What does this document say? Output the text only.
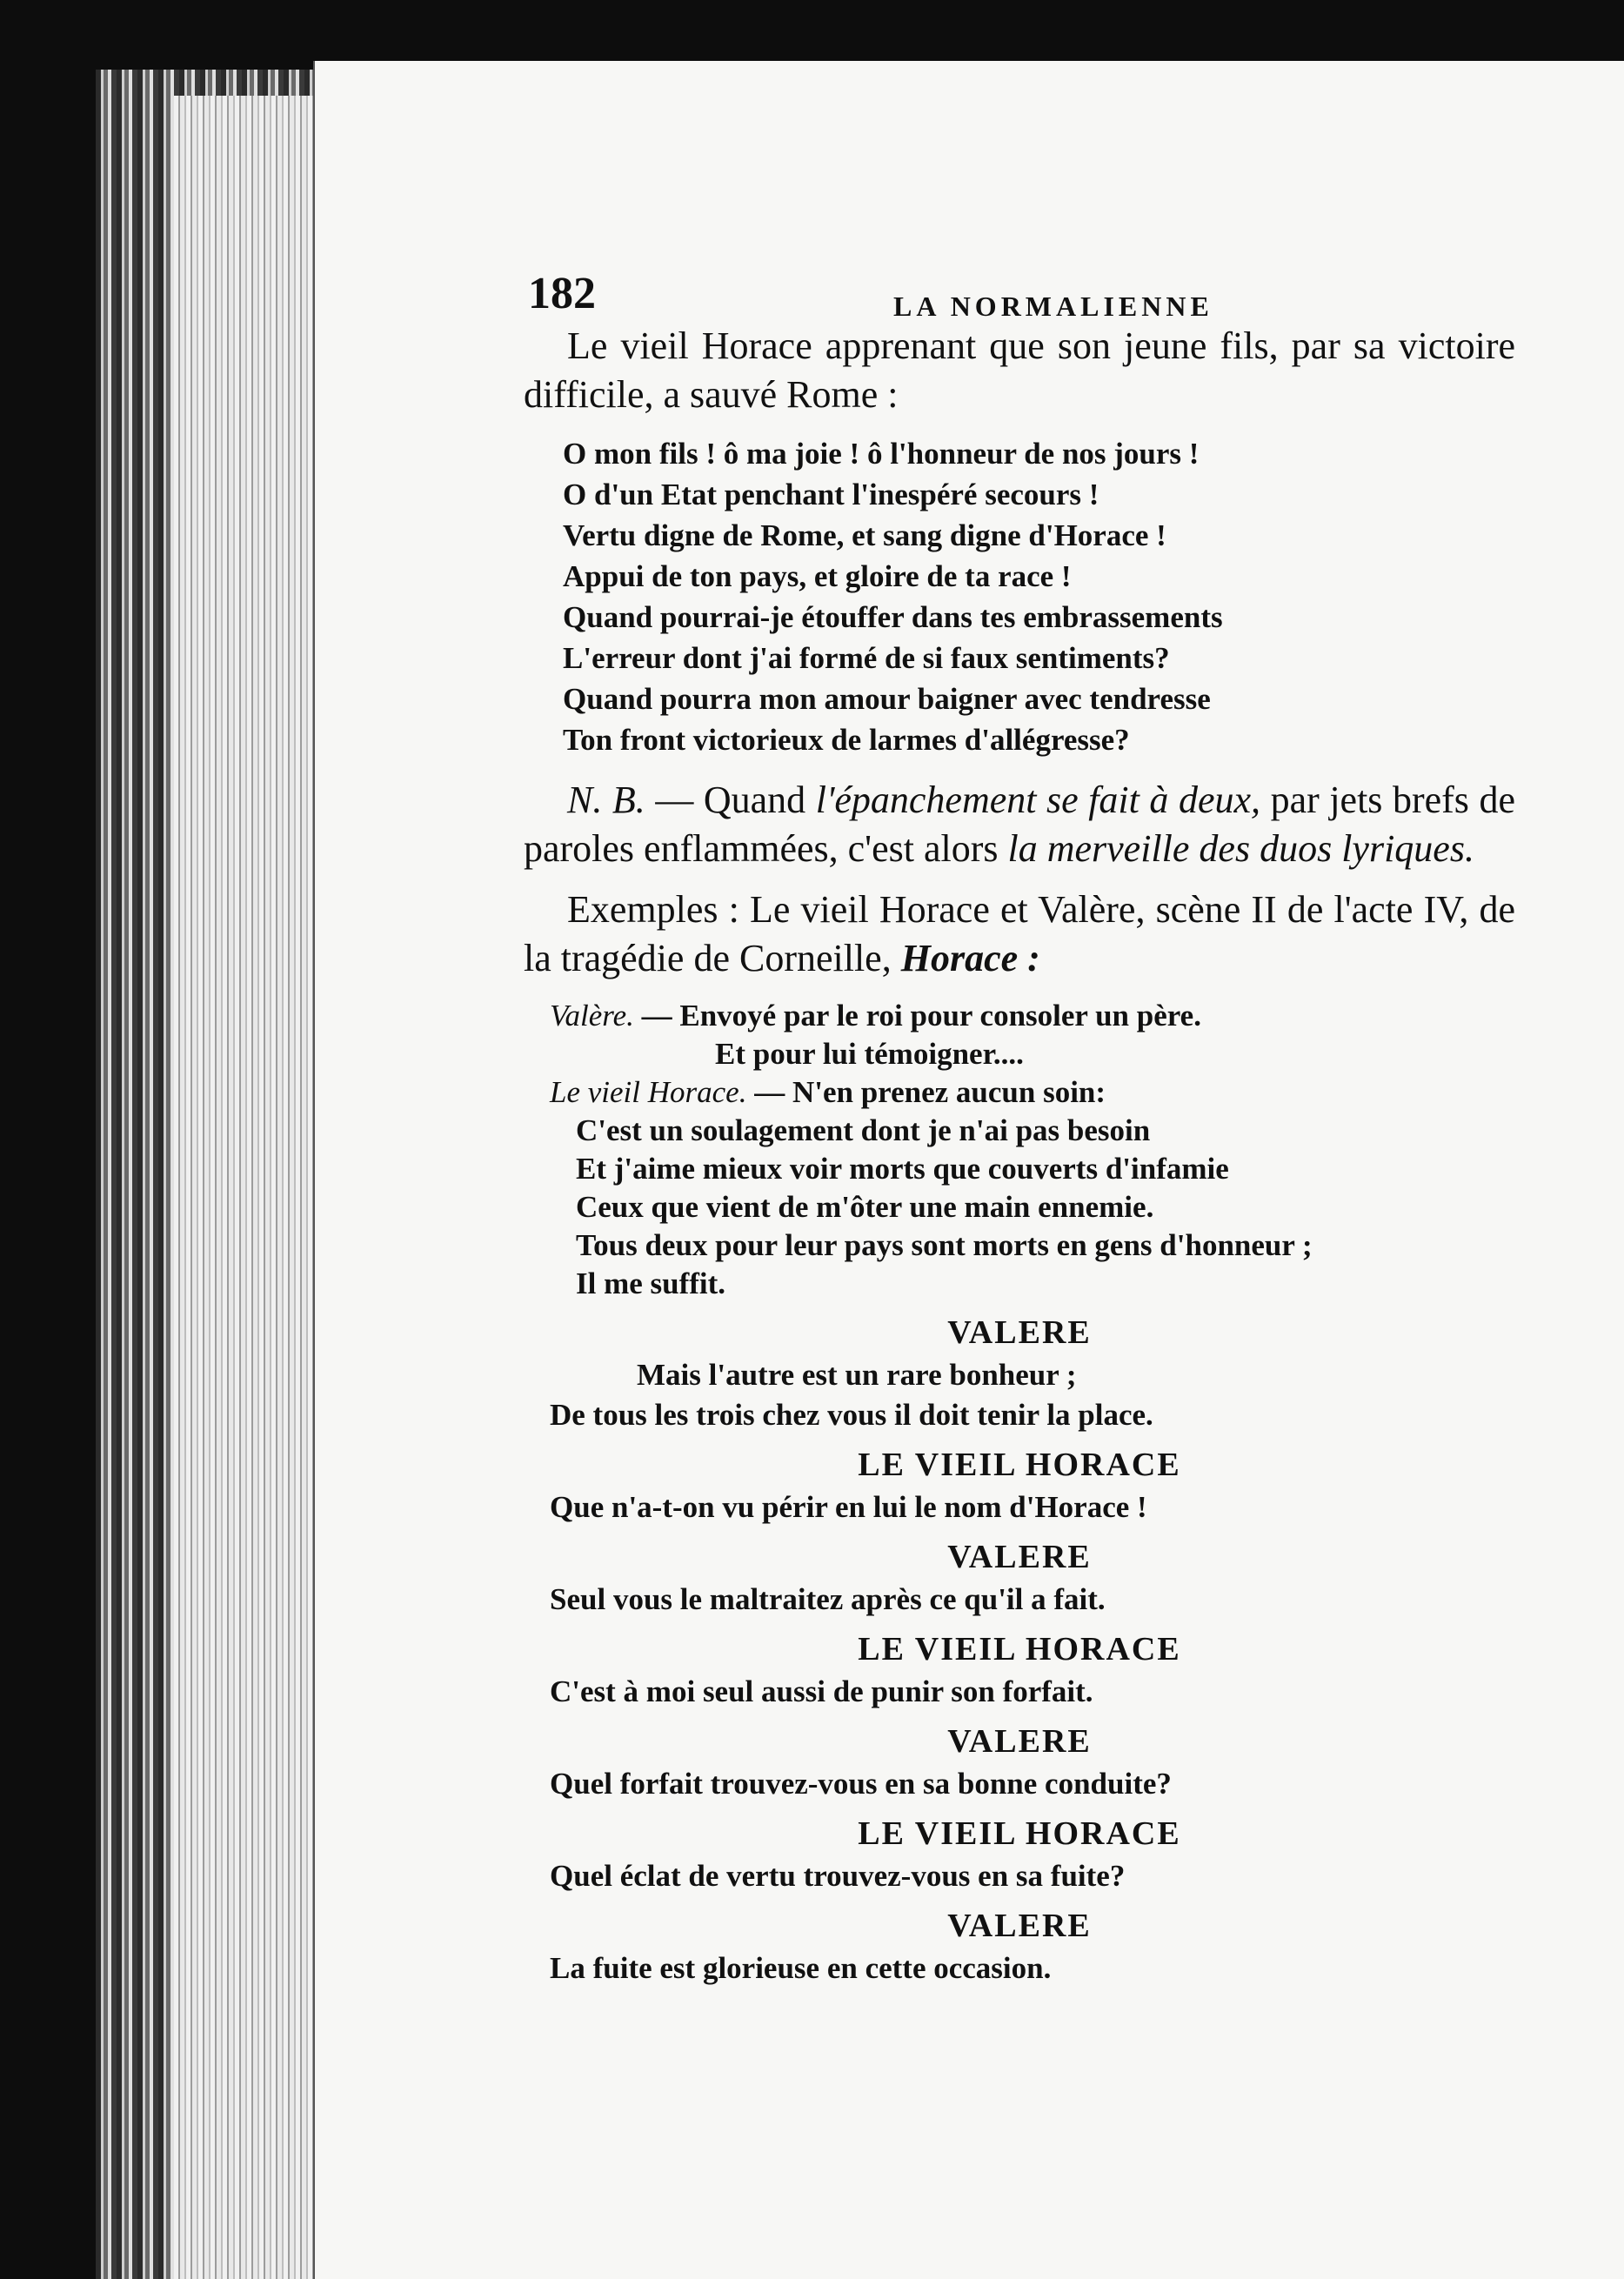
182	LA NORMALIENNE

Le vieil Horace apprenant que son jeune fils, par sa victoire difficile, a sauvé Rome :

O mon fils ! ô ma joie ! ô l'honneur de nos jours !
O d'un Etat penchant l'inespéré secours !
Vertu digne de Rome, et sang digne d'Horace !
Appui de ton pays, et gloire de ta race !
Quand pourrai-je étouffer dans tes embrassements
L'erreur dont j'ai formé de si faux sentiments?
Quand pourra mon amour baigner avec tendresse
Ton front victorieux de larmes d'allégresse?

N. B. — Quand l'épanchement se fait à deux, par jets brefs de paroles enflammées, c'est alors la merveille des duos lyriques.

Exemples : Le vieil Horace et Valère, scène II de l'acte IV, de la tragédie de Corneille, Horace :

Valère. — Envoyé par le roi pour consoler un père.
Et pour lui témoigner....
Le vieil Horace. — N'en prenez aucun soin:
C'est un soulagement dont je n'ai pas besoin
Et j'aime mieux voir morts que couverts d'infamie
Ceux que vient de m'ôter une main ennemie.
Tous deux pour leur pays sont morts en gens d'honneur ;
Il me suffit.
VALERE
Mais l'autre est un rare bonheur ;
De tous les trois chez vous il doit tenir la place.
LE VIEIL HORACE
Que n'a-t-on vu périr en lui le nom d'Horace !
VALERE
Seul vous le maltraitez après ce qu'il a fait.
LE VIEIL HORACE
C'est à moi seul aussi de punir son forfait.
VALERE
Quel forfait trouvez-vous en sa bonne conduite?
LE VIEIL HORACE
Quel éclat de vertu trouvez-vous en sa fuite?
VALERE
La fuite est glorieuse en cette occasion.
